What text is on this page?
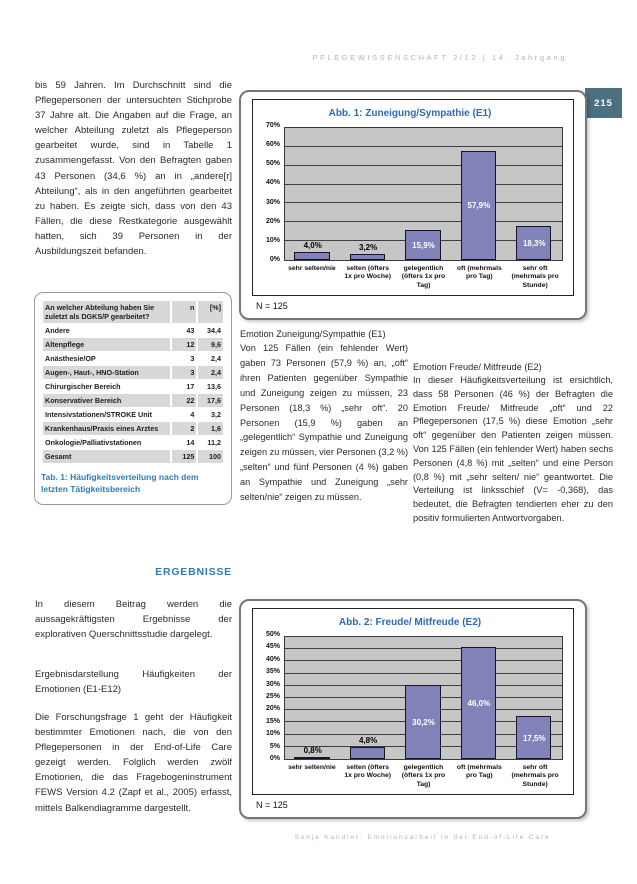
PFLEGEWISSENSCHAFT 2/12 | 14. Jahrgang
215
bis 59 Jahren. Im Durchschnitt sind die Pflegepersonen der untersuchten Stichprobe 37 Jahre alt. Die Angaben auf die Frage, an welcher Abteilung zuletzt als Pflegeperson gearbeitet wurde, sind in Tabelle 1 zusammengefasst. Von den Befragten gaben 43 Personen (34,6 %) an in „andere[r] Abteilung“, als in den angeführten gearbeitet zu haben. Es zeigte sich, dass von den 43 Fällen, die diese Restkategorie ausgewählt hatten, sich 39 Personen in der Ausbildungszeit befanden.
An welcher Abteilung haben Sie zuletzt als DGKS/P gearbeitet?	n	[%]
Andere	43	34,4
Altenpflege	12	9,6
Anästhesie/OP	3	2,4
Augen-, Haut-, HNO-Station	3	2,4
Chirurgischer Bereich	17	13,6
Konservativer Bereich	22	17,6
Intensivstationen/STROKE Unit	4	3,2
Krankenhaus/Praxis eines Arztes	2	1,6
Onkologie/Palliativstationen	14	11,2
Gesamt	125	100
Tab. 1: Häufigkeitsverteilung nach dem letzten Tätigkeitsbereich
ERGEBNISSE
In diesem Beitrag werden die aussagekräftigsten Ergebnisse der explorativen Querschnittsstudie dargelegt.
Ergebnisdarstellung Häufigkeiten der Emotionen (E1-E12)
Die Forschungsfrage 1 geht der Häufigkeit bestimmter Emotionen nach, die von den Pflegepersonen in der End-of-Life Care gezeigt werden. Folglich werden zwölf Emotionen, die das Fragebogeninstrument FEWS Version 4.2 (Zapf et al., 2005) erfasst, mittels Balkendiagramme dargestellt.
Abb. 1: Zuneigung/Sympathie (E1)
0%
10%
20%
30%
40%
50%
60%
70%
4,0%	3,2%	15,9%
57,9%
18,3%
sehr selten/nie	selten (öfters 1x pro Woche)
gelegentlich (öfters 1x pro Tag)
oft (mehrmals pro Tag)
sehr oft (mehrmals pro Stunde)
N = 125
Emotion Zuneigung/Sympathie (E1)
Von 125 Fällen (ein fehlender Wert) gaben 73 Personen (57,9 %) an, „oft“ ihren Patienten gegenüber Sympathie und Zuneigung zeigen zu müssen, 23 Personen (18,3 %) „sehr oft“. 20 Personen (15,9 %) gaben an „gelegentlich“ Sympathie und Zuneigung zeigen zu müssen, vier Personen (3,2 %) „selten“ und fünf Personen (4 %) gaben an Sympathie und Zuneigung „sehr selten/nie“ zeigen zu müssen.
Emotion Freude/ Mitfreude (E2)
In dieser Häufigkeitsverteilung ist ersichtlich, dass 58 Personen (46 %) der Befragten die Emotion Freude/ Mitfreude „oft“ und 22 Pflegepersonen (17,5 %) diese Emotion „sehr oft“ gegenüber den Patienten zeigen müssen. Von 125 Fällen (ein fehlender Wert) haben sechs Personen (4,8 %) mit „selten“ und eine Person (0,8 %) mit „sehr selten/ nie“ geantwortet. Die Verteilung ist linksschief (V= -0,368), das bedeutet, die Befragten tendierten eher zu den positiv formulierten Antwortvorgaben.
Abb. 2: Freude/ Mitfreude (E2)
0%
5%
10%
15%
20%
25%
30%
35%
40%
45%
50%
0,8%
4,8%
30,2%
46,0%
17,5%
sehr selten/nie	selten (öfters 1x pro Woche)
gelegentlich (öfters 1x pro Tag)
oft (mehrmals pro Tag)
sehr oft (mehrmals pro Stunde)
N = 125
Sonja Kandler: Emotionsarbeit in der End-of-Life Care
